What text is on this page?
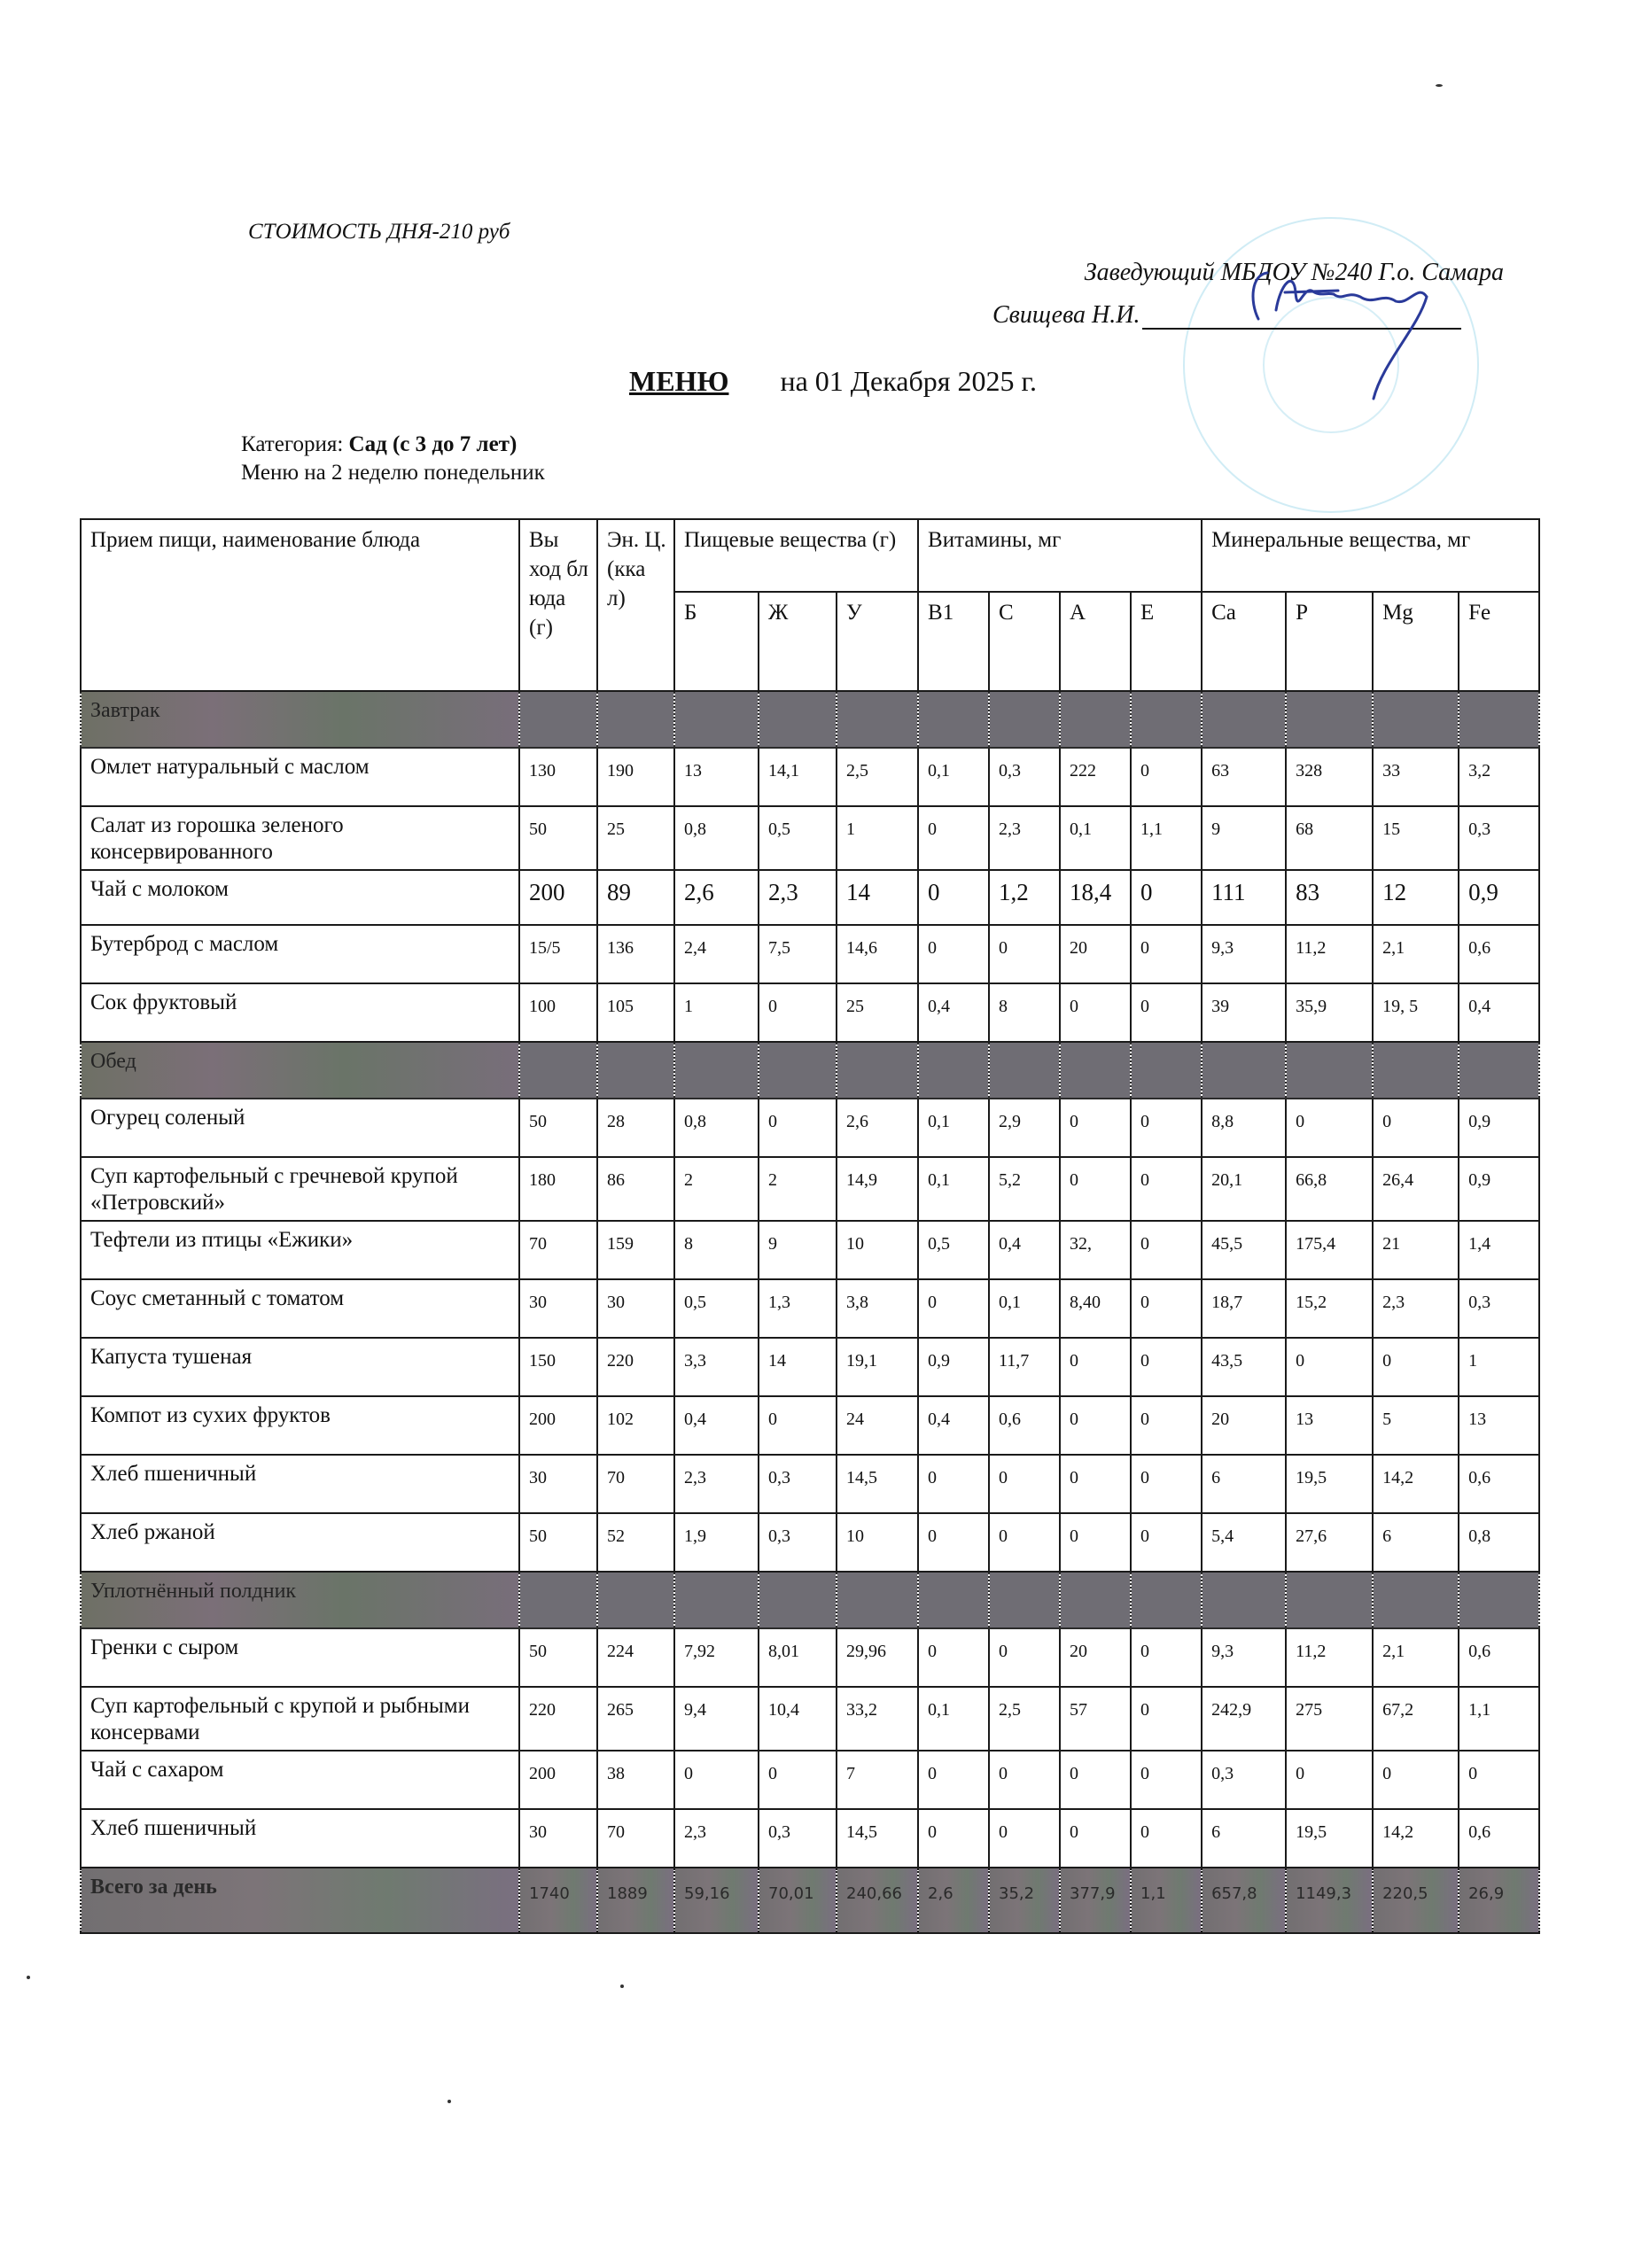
СТОИМОСТЬ ДНЯ-210 руб
Заведующий МБДОУ №240 Г.о. Самара
Свищева Н.И.
МЕНЮ на 01 Декабря 2025 г.
Категория: Сад (с 3 до 7 лет)
Меню на 2 неделю понедельник
Прием пищи, наименование блюда	Вы ход бл юда (г)	Эн. Ц. (кка л)	Пищевые вещества (г)			Витамины, мг				Минеральные вещества, мг			
			Б	Ж	У	B1	C	A	E	Ca	P	Mg	Fe
Завтрак													
Омлет натуральный с маслом	130	190	13	14,1	2,5	0,1	0,3	222	0	63	328	33	3,2
Салат из горошка зеленого консервированного	50	25	0,8	0,5	1	0	2,3	0,1	1,1	9	68	15	0,3
Чай с молоком	200	89	2,6	2,3	14	0	1,2	18,4	0	111	83	12	0,9
Бутерброд с маслом	15/5	136	2,4	7,5	14,6	0	0	20	0	9,3	11,2	2,1	0,6
Сок фруктовый	100	105	1	0	25	0,4	8	0	0	39	35,9	19, 5	0,4
Обед													
Огурец соленый	50	28	0,8	0	2,6	0,1	2,9	0	0	8,8	0	0	0,9
Суп картофельный с гречневой крупой «Петровский»	180	86	2	2	14,9	0,1	5,2	0	0	20,1	66,8	26,4	0,9
Тефтели из птицы «Ежики»	70	159	8	9	10	0,5	0,4	32,	0	45,5	175,4	21	1,4
Соус сметанный с томатом	30	30	0,5	1,3	3,8	0	0,1	8,40	0	18,7	15,2	2,3	0,3
Капуста тушеная	150	220	3,3	14	19,1	0,9	11,7	0	0	43,5	0	0	1
Компот из сухих фруктов	200	102	0,4	0	24	0,4	0,6	0	0	20	13	5	13
Хлеб пшеничный	30	70	2,3	0,3	14,5	0	0	0	0	6	19,5	14,2	0,6
Хлеб ржаной	50	52	1,9	0,3	10	0	0	0	0	5,4	27,6	6	0,8
Уплотнённый полдник													
Гренки с сыром	50	224	7,92	8,01	29,96	0	0	20	0	9,3	11,2	2,1	0,6
Суп картофельный с крупой и рыбными консервами	220	265	9,4	10,4	33,2	0,1	2,5	57	0	242,9	275	67,2	1,1
Чай с сахаром	200	38	0	0	7	0	0	0	0	0,3	0	0	0
Хлеб пшеничный	30	70	2,3	0,3	14,5	0	0	0	0	6	19,5	14,2	0,6
Всего за день	1740	1889	59,16	70,01	240,66	2,6	35,2	377,9	1,1	657,8	1149,3	220,5	26,9
